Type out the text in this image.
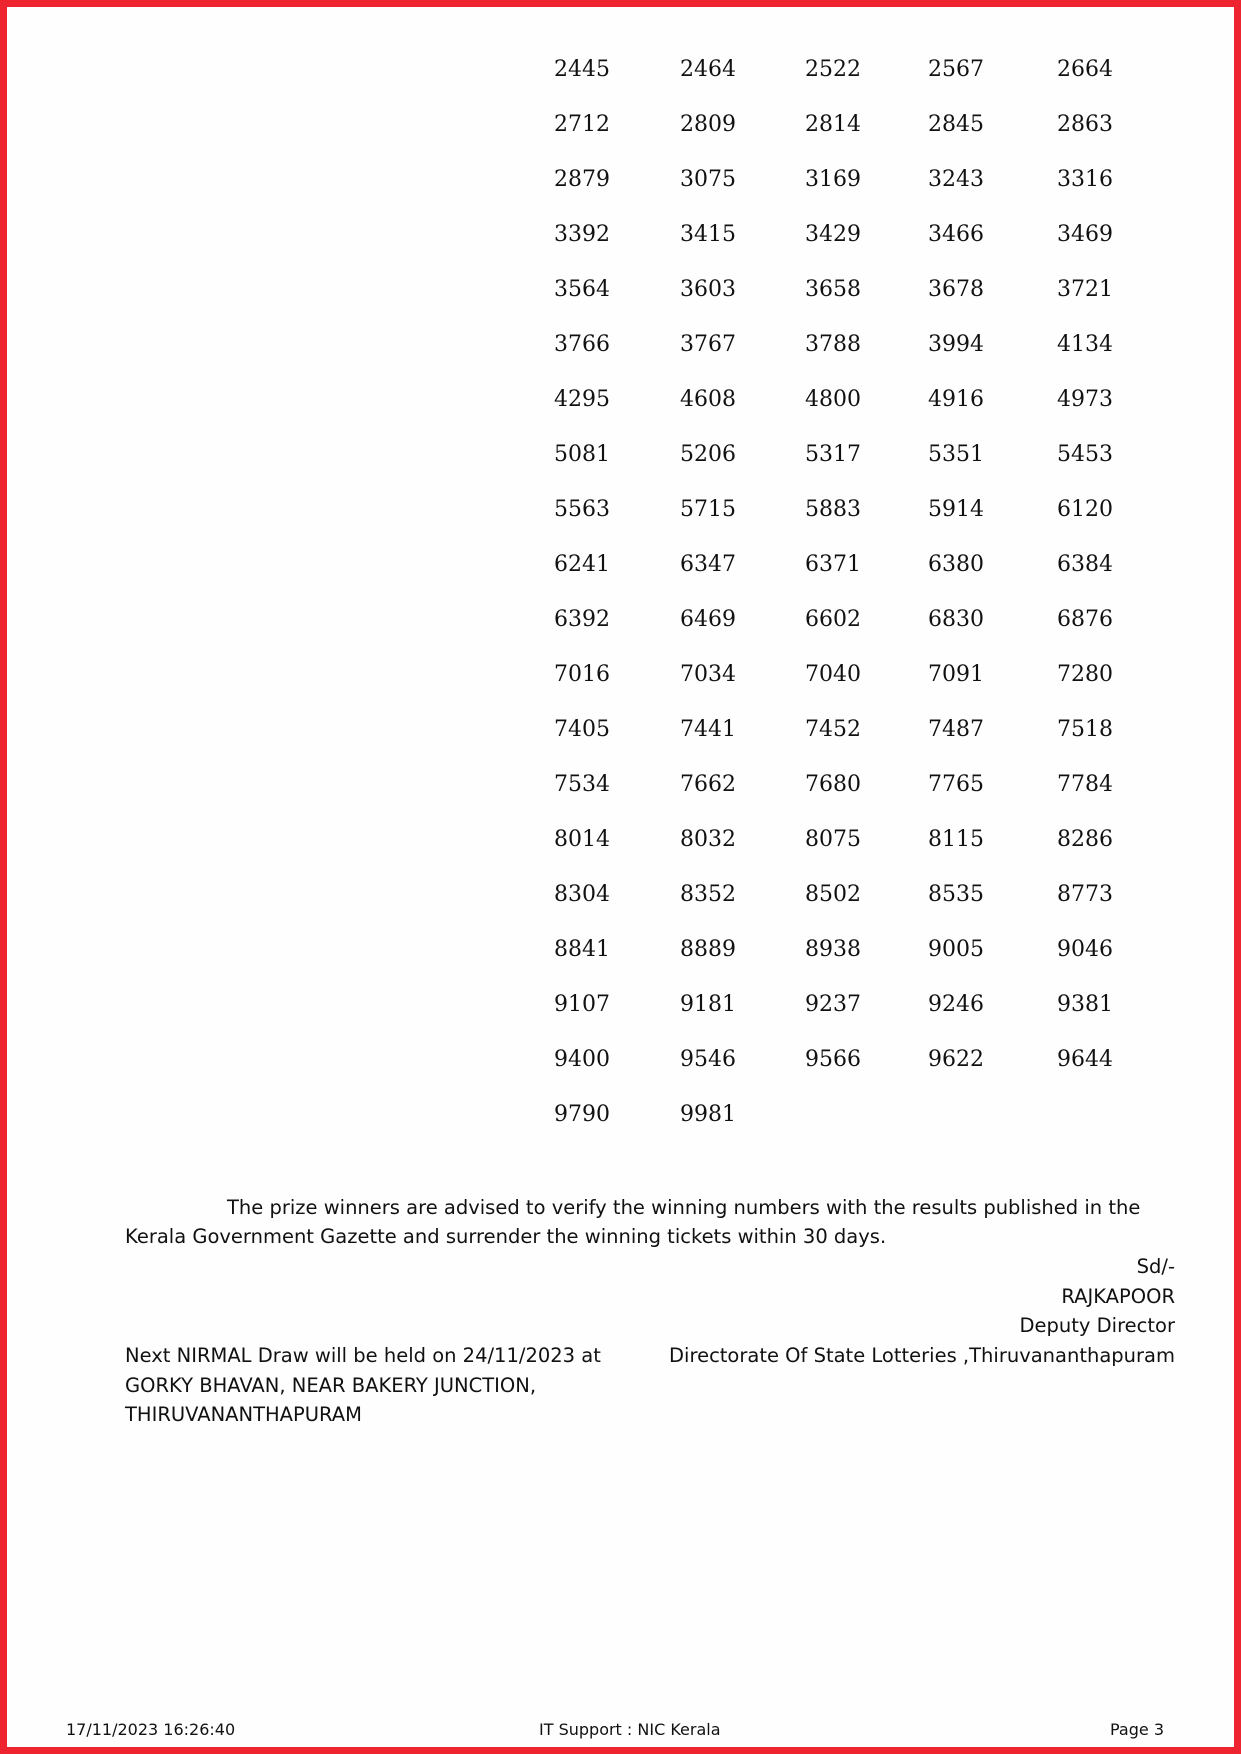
2445	2464	2522	2567	2664
2712	2809	2814	2845	2863
2879	3075	3169	3243	3316
3392	3415	3429	3466	3469
3564	3603	3658	3678	3721
3766	3767	3788	3994	4134
4295	4608	4800	4916	4973
5081	5206	5317	5351	5453
5563	5715	5883	5914	6120
6241	6347	6371	6380	6384
6392	6469	6602	6830	6876
7016	7034	7040	7091	7280
7405	7441	7452	7487	7518
7534	7662	7680	7765	7784
8014	8032	8075	8115	8286
8304	8352	8502	8535	8773
8841	8889	8938	9005	9046
9107	9181	9237	9246	9381
9400	9546	9566	9622	9644
9790	9981

The prize winners are advised to verify the winning numbers with the results published in the Kerala Government Gazette and surrender the winning tickets within 30 days.

Sd/-
RAJKAPOOR
Deputy Director
Directorate Of State Lotteries ,Thiruvananthapuram

Next NIRMAL Draw will be held on 24/11/2023 at GORKY BHAVAN, NEAR BAKERY JUNCTION,
THIRUVANANTHAPURAM

17/11/2023 16:26:40	IT Support : NIC Kerala	Page 3
